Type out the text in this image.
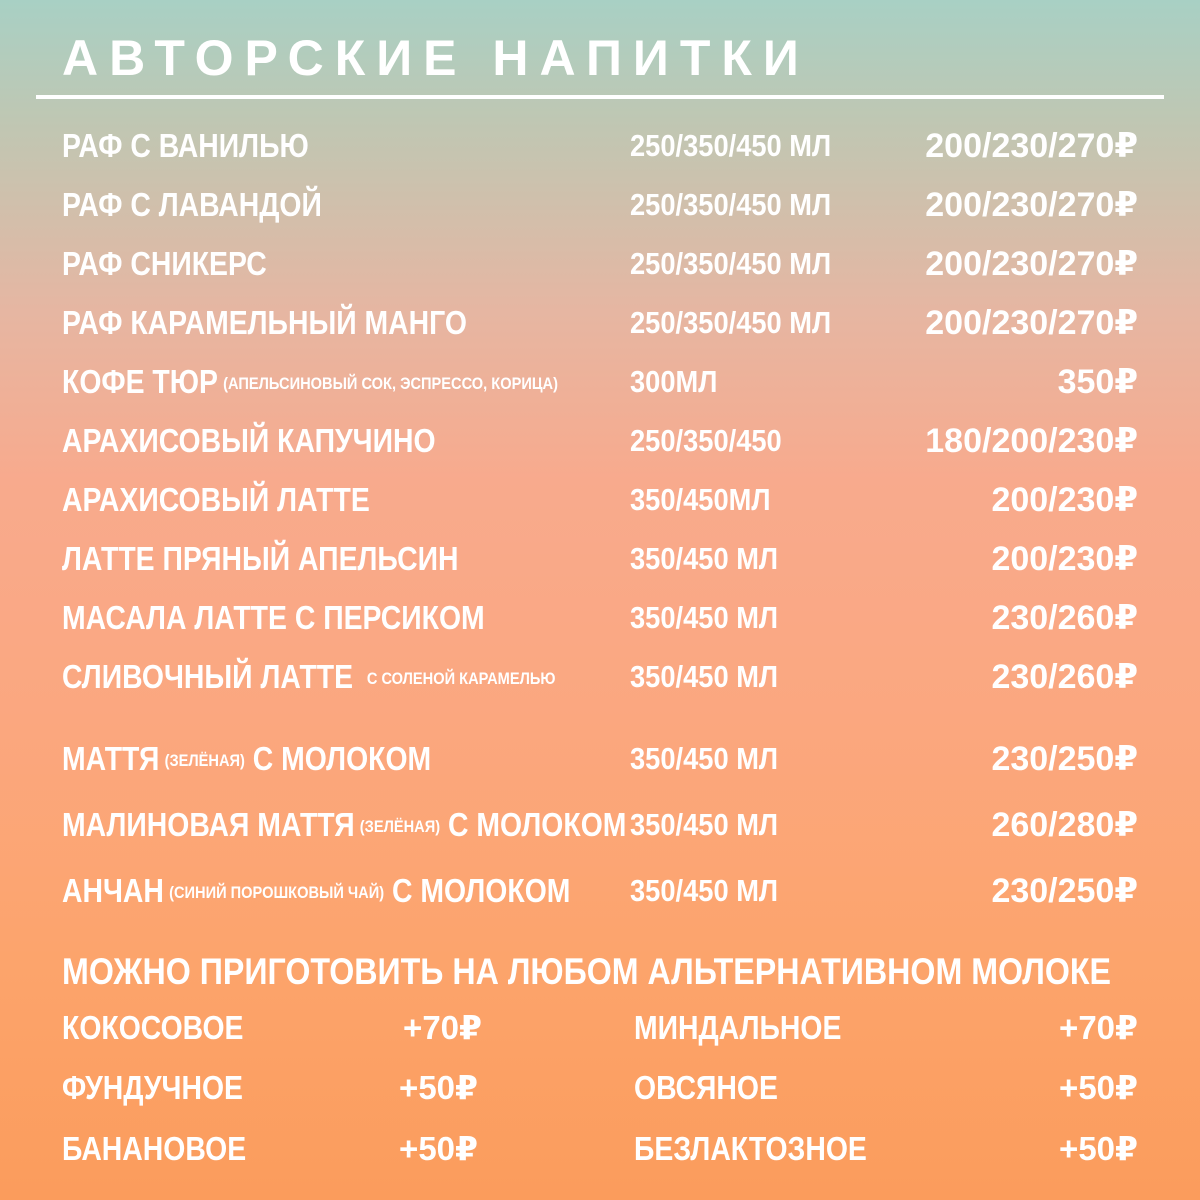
АВТОРСКИЕ НАПИТКИ
РАФ С ВАНИЛЬЮ	250/350/450 МЛ	200/230/270₽
РАФ С ЛАВАНДОЙ	250/350/450 МЛ	200/230/270₽
РАФ СНИКЕРС	250/350/450 МЛ	200/230/270₽
РАФ КАРАМЕЛЬНЫЙ МАНГО	250/350/450 МЛ	200/230/270₽
КОФЕ ТЮР (АПЕЛЬСИНОВЫЙ СОК, ЭСПРЕССО, КОРИЦА) 300МЛ	350₽
АРАХИСОВЫЙ КАПУЧИНО	250/350/450	180/200/230₽
АРАХИСОВЫЙ ЛАТТЕ	350/450МЛ	200/230₽
ЛАТТЕ ПРЯНЫЙ АПЕЛЬСИН	350/450 МЛ	200/230₽
МАСАЛА ЛАТТЕ С ПЕРСИКОМ	350/450 МЛ	230/260₽
СЛИВОЧНЫЙ ЛАТТЕ С СОЛЕНОЙ КАРАМЕЛЬЮ 350/450 МЛ	230/260₽
МАТТЯ (ЗЕЛЁНАЯ) С МОЛОКОМ	350/450 МЛ	230/250₽
МАЛИНОВАЯ МАТТЯ (ЗЕЛЁНАЯ) С МОЛОКОМ 350/450 МЛ	260/280₽
АНЧАН (СИНИЙ ПОРОШКОВЫЙ ЧАЙ) С МОЛОКОМ 350/450 МЛ	230/250₽
МОЖНО ПРИГОТОВИТЬ НА ЛЮБОМ АЛЬТЕРНАТИВНОМ МОЛОКЕ
КОКОСОВОЕ	+70₽	МИНДАЛЬНОЕ	+70₽
ФУНДУЧНОЕ	+50₽	ОВСЯНОЕ	+50₽
БАНАНОВОЕ	+50₽	БЕЗЛАКТОЗНОЕ	+50₽
